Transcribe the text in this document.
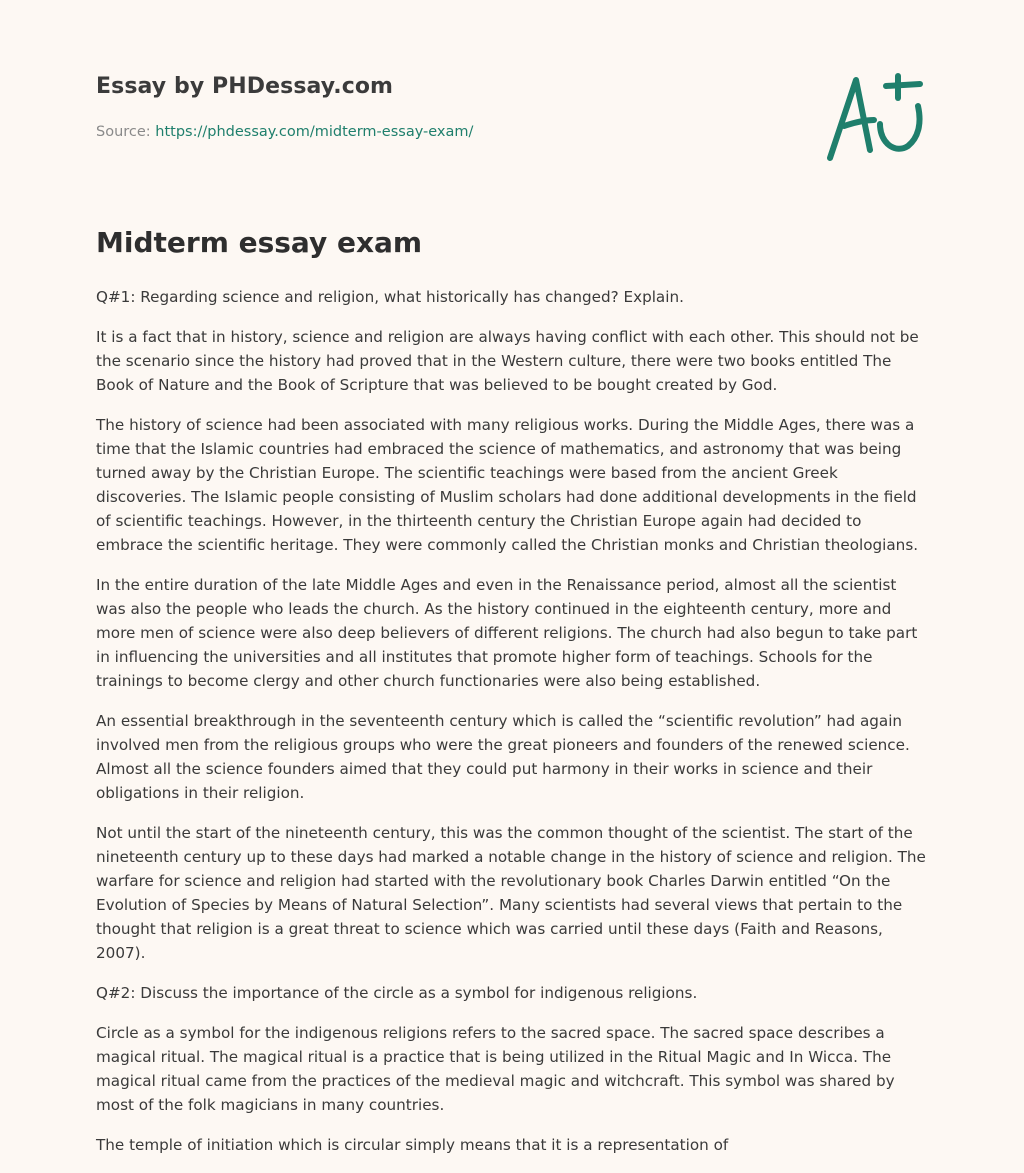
Essay by PHDessay.com
Source: https://phdessay.com/midterm-essay-exam/
Midterm essay exam

Q#1: Regarding science and religion, what historically has changed? Explain.

It is a fact that in history, science and religion are always having conflict with each other. This should not be the scenario since the history had proved that in the Western culture, there were two books entitled The Book of Nature and the Book of Scripture that was believed to be bought created by God.

The history of science had been associated with many religious works. During the Middle Ages, there was a time that the Islamic countries had embraced the science of mathematics, and astronomy that was being turned away by the Christian Europe. The scientific teachings were based from the ancient Greek discoveries. The Islamic people consisting of Muslim scholars had done additional developments in the field of scientific teachings. However, in the thirteenth century the Christian Europe again had decided to embrace the scientific heritage. They were commonly called the Christian monks and Christian theologians.

In the entire duration of the late Middle Ages and even in the Renaissance period, almost all the scientist was also the people who leads the church. As the history continued in the eighteenth century, more and more men of science were also deep believers of different religions. The church had also begun to take part in influencing the universities and all institutes that promote higher form of teachings. Schools for the trainings to become clergy and other church functionaries were also being established.

An essential breakthrough in the seventeenth century which is called the “scientific revolution” had again involved men from the religious groups who were the great pioneers and founders of the renewed science. Almost all the science founders aimed that they could put harmony in their works in science and their obligations in their religion.

Not until the start of the nineteenth century, this was the common thought of the scientist. The start of the nineteenth century up to these days had marked a notable change in the history of science and religion. The warfare for science and religion had started with the revolutionary book Charles Darwin entitled “On the Evolution of Species by Means of Natural Selection”. Many scientists had several views that pertain to the thought that religion is a great threat to science which was carried until these days (Faith and Reasons, 2007).

Q#2: Discuss the importance of the circle as a symbol for indigenous religions.

Circle as a symbol for the indigenous religions refers to the sacred space. The sacred space describes a magical ritual. The magical ritual is a practice that is being utilized in the Ritual Magic and In Wicca. The magical ritual came from the practices of the medieval magic and witchcraft. This symbol was shared by most of the folk magicians in many countries.

The temple of initiation which is circular simply means that it is a representation of
